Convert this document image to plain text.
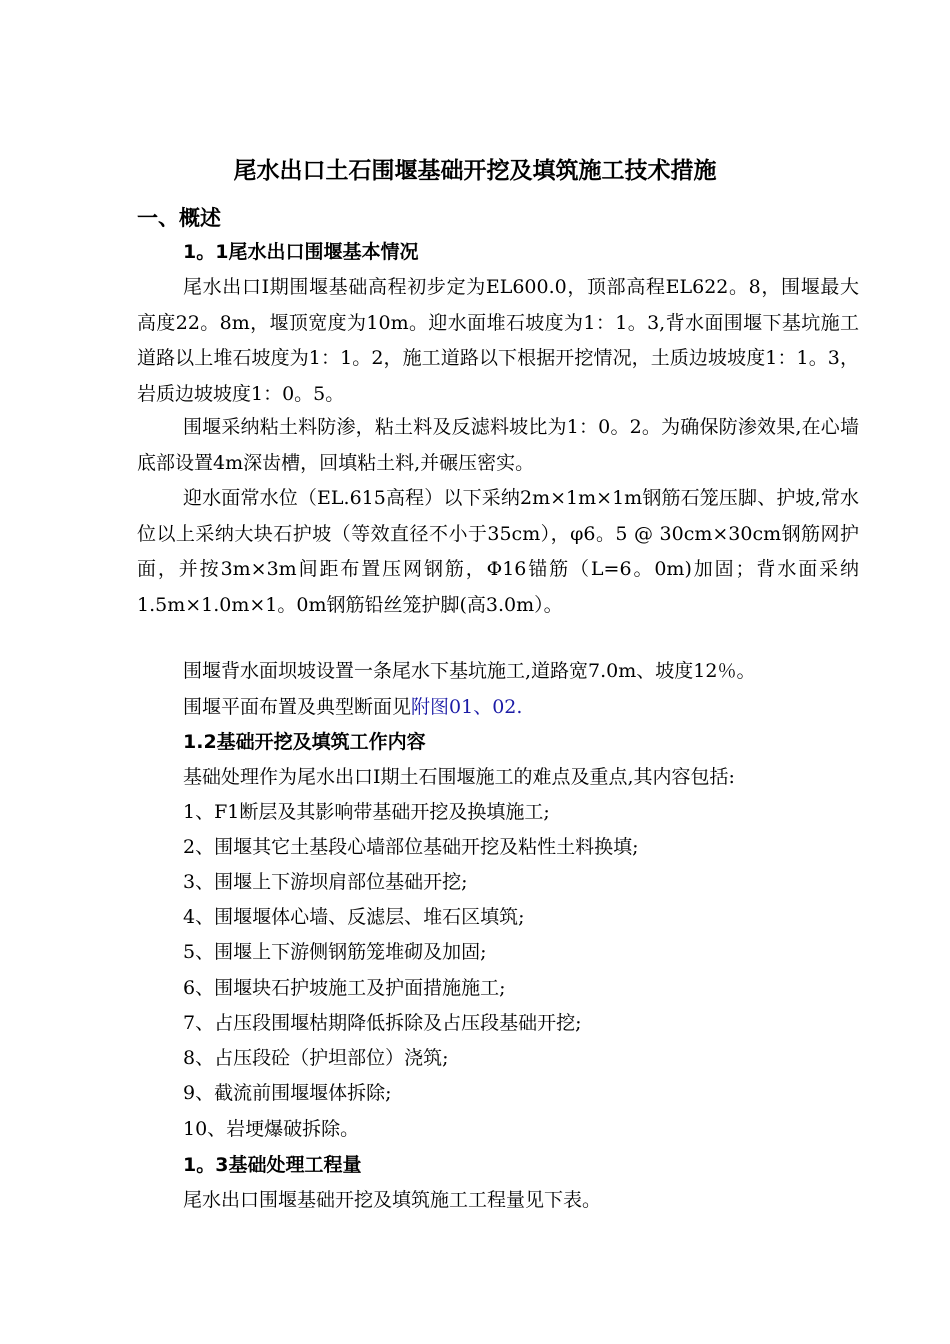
尾水出口土石围堰基础开挖及填筑施工技术措施
一、概述
1。1尾水出口围堰基本情况

尾水出口Ⅰ期围堰基础高程初步定为EL600.0，顶部高程EL622。8，围堰最大高度22。8m，堰顶宽度为10m。迎水面堆石坡度为1：1。3,背水面围堰下基坑施工道路以上堆石坡度为1：1。2，施工道路以下根据开挖情况，土质边坡坡度1：1。3，岩质边坡坡度1：0。5。

围堰采纳粘土料防渗，粘土料及反滤料坡比为1：0。2。为确保防渗效果,在心墙底部设置4m深齿槽，回填粘土料,并碾压密实。

迎水面常水位（EL.615高程）以下采纳2m×1m×1m钢筋石笼压脚、护坡,常水位以上采纳大块石护坡（等效直径不小于35cm），φ6。5 @ 30cm×30cm钢筋网护面，并按3m×3m间距布置压网钢筋，Φ16锚筋（L=6。0m)加固；背水面采纳1.5m×1.0m×1。0m钢筋铅丝笼护脚(高3.0m）。

围堰背水面坝坡设置一条尾水下基坑施工,道路宽7.0m、坡度12％。

围堰平面布置及典型断面见附图01、02.

1.2基础开挖及填筑工作内容

基础处理作为尾水出口Ⅰ期土石围堰施工的难点及重点,其内容包括:

1、F1断层及其影响带基础开挖及换填施工;

2、围堰其它土基段心墙部位基础开挖及粘性土料换填;

3、围堰上下游坝肩部位基础开挖;

4、围堰堰体心墙、反滤层、堆石区填筑;

5、围堰上下游侧钢筋笼堆砌及加固;

6、围堰块石护坡施工及护面措施施工;

7、占压段围堰枯期降低拆除及占压段基础开挖;

8、占压段砼（护坦部位）浇筑;

9、截流前围堰堰体拆除;

10、岩埂爆破拆除。

1。3基础处理工程量

尾水出口围堰基础开挖及填筑施工工程量见下表。
